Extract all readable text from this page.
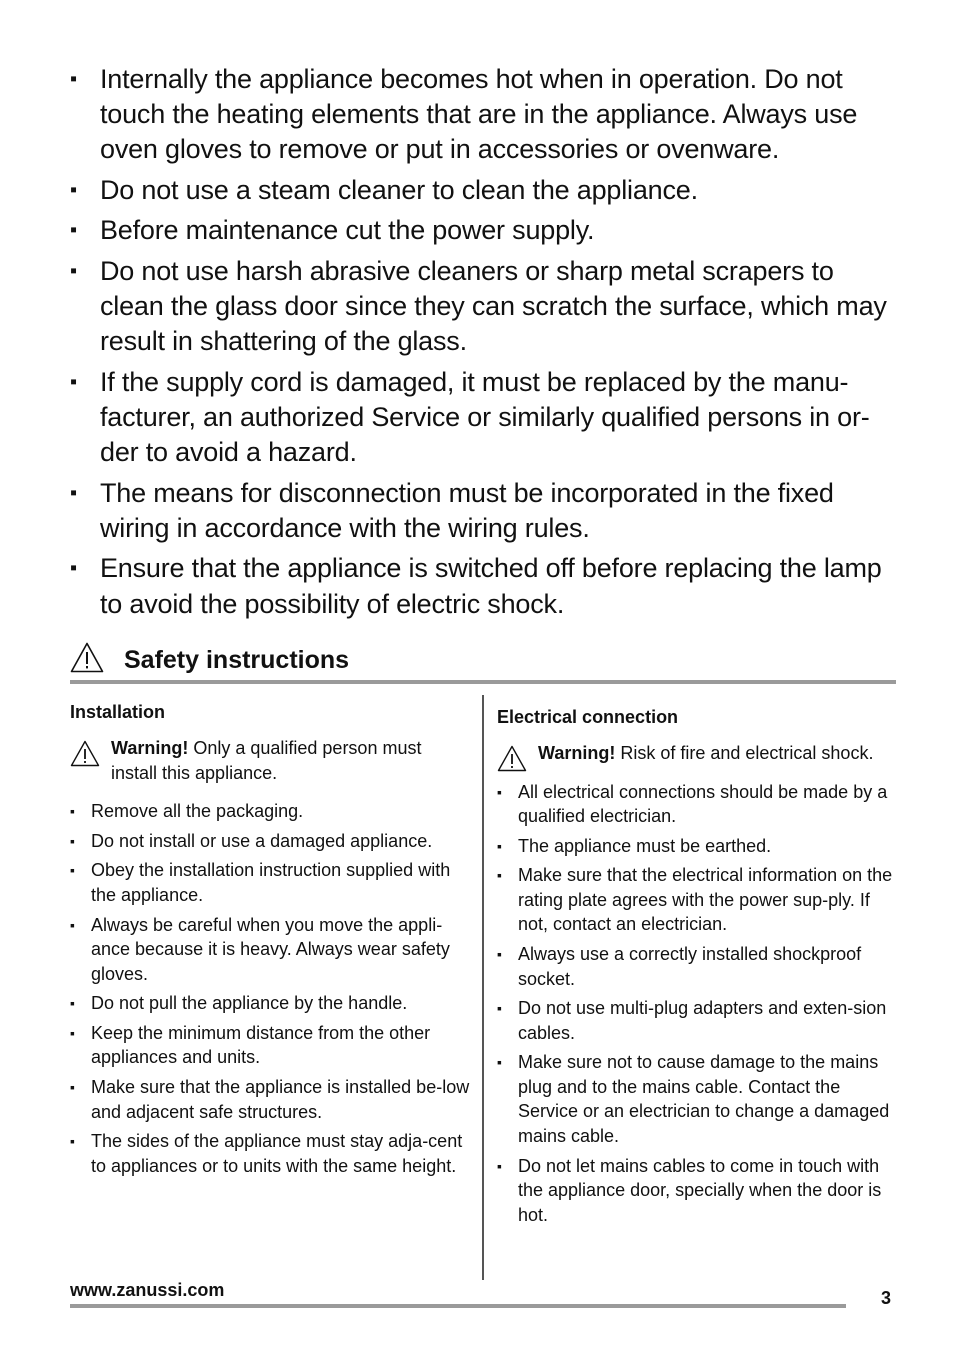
▪ Internally the appliance becomes hot when in operation. Do not touch the heating elements that are in the appliance. Always use oven gloves to remove or put in accessories or ovenware.
▪ Do not use a steam cleaner to clean the appliance.
▪ Before maintenance cut the power supply.
▪ Do not use harsh abrasive cleaners or sharp metal scrapers to clean the glass door since they can scratch the surface, which may result in shattering of the glass.
▪ If the supply cord is damaged, it must be replaced by the manu-facturer, an authorized Service or similarly qualified persons in or-der to avoid a hazard.
▪ The means for disconnection must be incorporated in the fixed wiring in accordance with the wiring rules.
▪ Ensure that the appliance is switched off before replacing the lamp to avoid the possibility of electric shock.
Safety instructions
Installation
Warning! Only a qualified person must install this appliance.
▪ Remove all the packaging.
▪ Do not install or use a damaged appliance.
▪ Obey the installation instruction supplied with the appliance.
▪ Always be careful when you move the appli-ance because it is heavy. Always wear safety gloves.
▪ Do not pull the appliance by the handle.
▪ Keep the minimum distance from the other appliances and units.
▪ Make sure that the appliance is installed be-low and adjacent safe structures.
▪ The sides of the appliance must stay adja-cent to appliances or to units with the same height.
Electrical connection
Warning! Risk of fire and electrical shock.
▪ All electrical connections should be made by a qualified electrician.
▪ The appliance must be earthed.
▪ Make sure that the electrical information on the rating plate agrees with the power sup-ply. If not, contact an electrician.
▪ Always use a correctly installed shockproof socket.
▪ Do not use multi-plug adapters and exten-sion cables.
▪ Make sure not to cause damage to the mains plug and to the mains cable. Contact the Service or an electrician to change a damaged mains cable.
▪ Do not let mains cables to come in touch with the appliance door, specially when the door is hot.
www.zanussi.com	3
